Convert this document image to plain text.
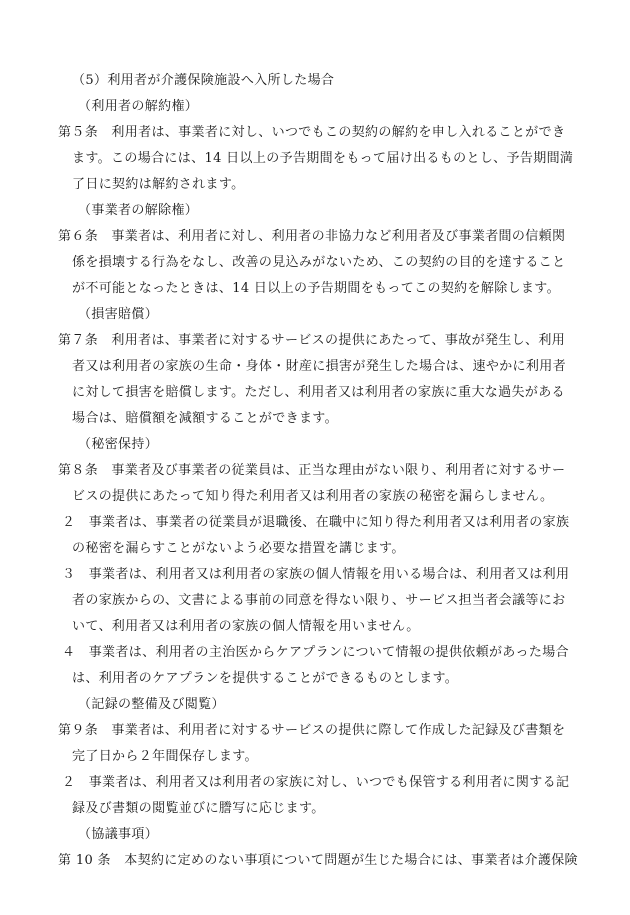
（5）利用者が介護保険施設へ入所した場合
（利用者の解約権）
第５条　利用者は、事業者に対し、いつでもこの契約の解約を申し入れることができ
ます。この場合には、14 日以上の予告期間をもって届け出るものとし、予告期間満
了日に契約は解約されます。
（事業者の解除権）
第６条　事業者は、利用者に対し、利用者の非協力など利用者及び事業者間の信頼関
係を損壊する行為をなし、改善の見込みがないため、この契約の目的を達すること
が不可能となったときは、14 日以上の予告期間をもってこの契約を解除します。
（損害賠償）
第７条　利用者は、事業者に対するサービスの提供にあたって、事故が発生し、利用
者又は利用者の家族の生命・身体・財産に損害が発生した場合は、速やかに利用者
に対して損害を賠償します。ただし、利用者又は利用者の家族に重大な過失がある
場合は、賠償額を減額することができます。
（秘密保持）
第８条　事業者及び事業者の従業員は、正当な理由がない限り、利用者に対するサー
ビスの提供にあたって知り得た利用者又は利用者の家族の秘密を漏らしません。
２　事業者は、事業者の従業員が退職後、在職中に知り得た利用者又は利用者の家族
の秘密を漏らすことがないよう必要な措置を講じます。
３　事業者は、利用者又は利用者の家族の個人情報を用いる場合は、利用者又は利用
者の家族からの、文書による事前の同意を得ない限り、サービス担当者会議等にお
いて、利用者又は利用者の家族の個人情報を用いません。
４　事業者は、利用者の主治医からケアプランについて情報の提供依頼があった場合
は、利用者のケアプランを提供することができるものとします。
（記録の整備及び閲覧）
第９条　事業者は、利用者に対するサービスの提供に際して作成した記録及び書類を
完了日から２年間保存します。
２　事業者は、利用者又は利用者の家族に対し、いつでも保管する利用者に関する記
録及び書類の閲覧並びに謄写に応じます。
（協議事項）
第 10 条　本契約に定めのない事項について問題が生じた場合には、事業者は介護保険
